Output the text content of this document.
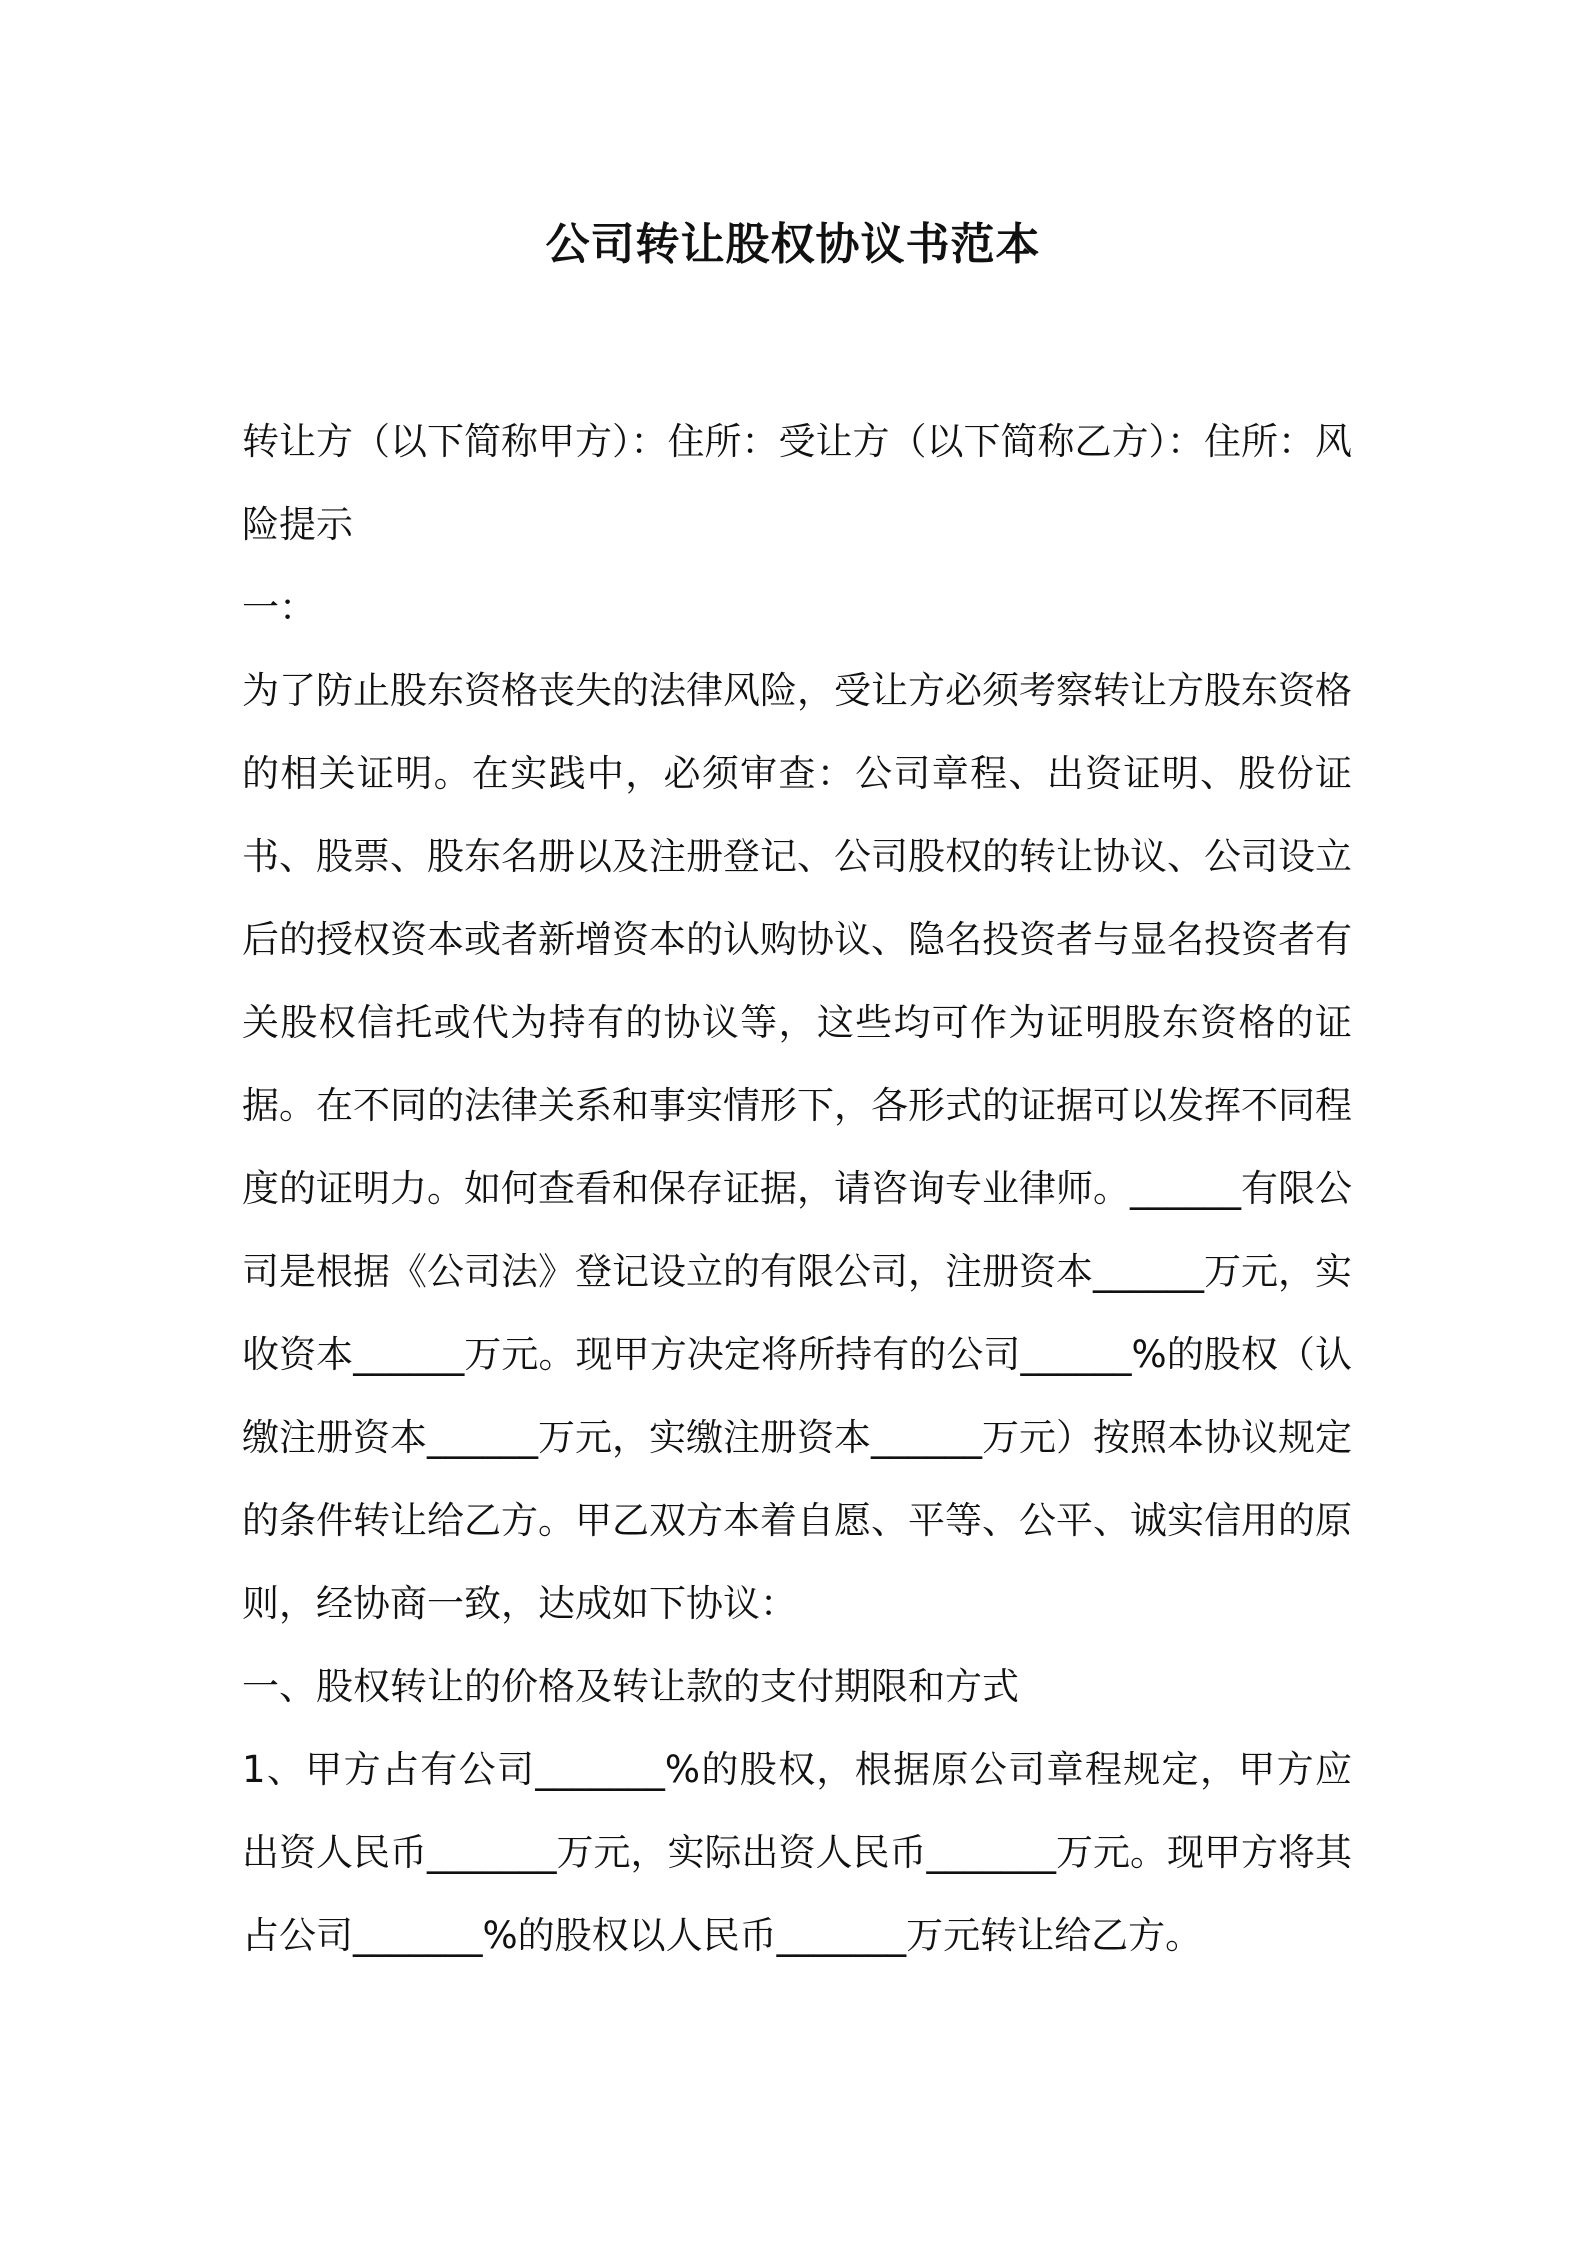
公司转让股权协议书范本

转让方（以下简称甲方）：住所：受让方（以下简称乙方）：住所：风险提示

一：

为了防止股东资格丧失的法律风险，受让方必须考察转让方股东资格的相关证明。在实践中，必须审查：公司章程、出资证明、股份证书、股票、股东名册以及注册登记、公司股权的转让协议、公司设立后的授权资本或者新增资本的认购协议、隐名投资者与显名投资者有关股权信托或代为持有的协议等，这些均可作为证明股东资格的证据。在不同的法律关系和事实情形下，各形式的证据可以发挥不同程度的证明力。如何查看和保存证据，请咨询专业律师。______有限公司是根据《公司法》登记设立的有限公司，注册资本______万元，实收资本______万元。现甲方决定将所持有的公司______%的股权（认缴注册资本______万元，实缴注册资本______万元）按照本协议规定的条件转让给乙方。甲乙双方本着自愿、平等、公平、诚实信用的原则，经协商一致，达成如下协议：

一、股权转让的价格及转让款的支付期限和方式

1、甲方占有公司_______%的股权，根据原公司章程规定，甲方应出资人民币_______万元，实际出资人民币_______万元。现甲方将其占公司_______%的股权以人民币_______万元转让给乙方。
